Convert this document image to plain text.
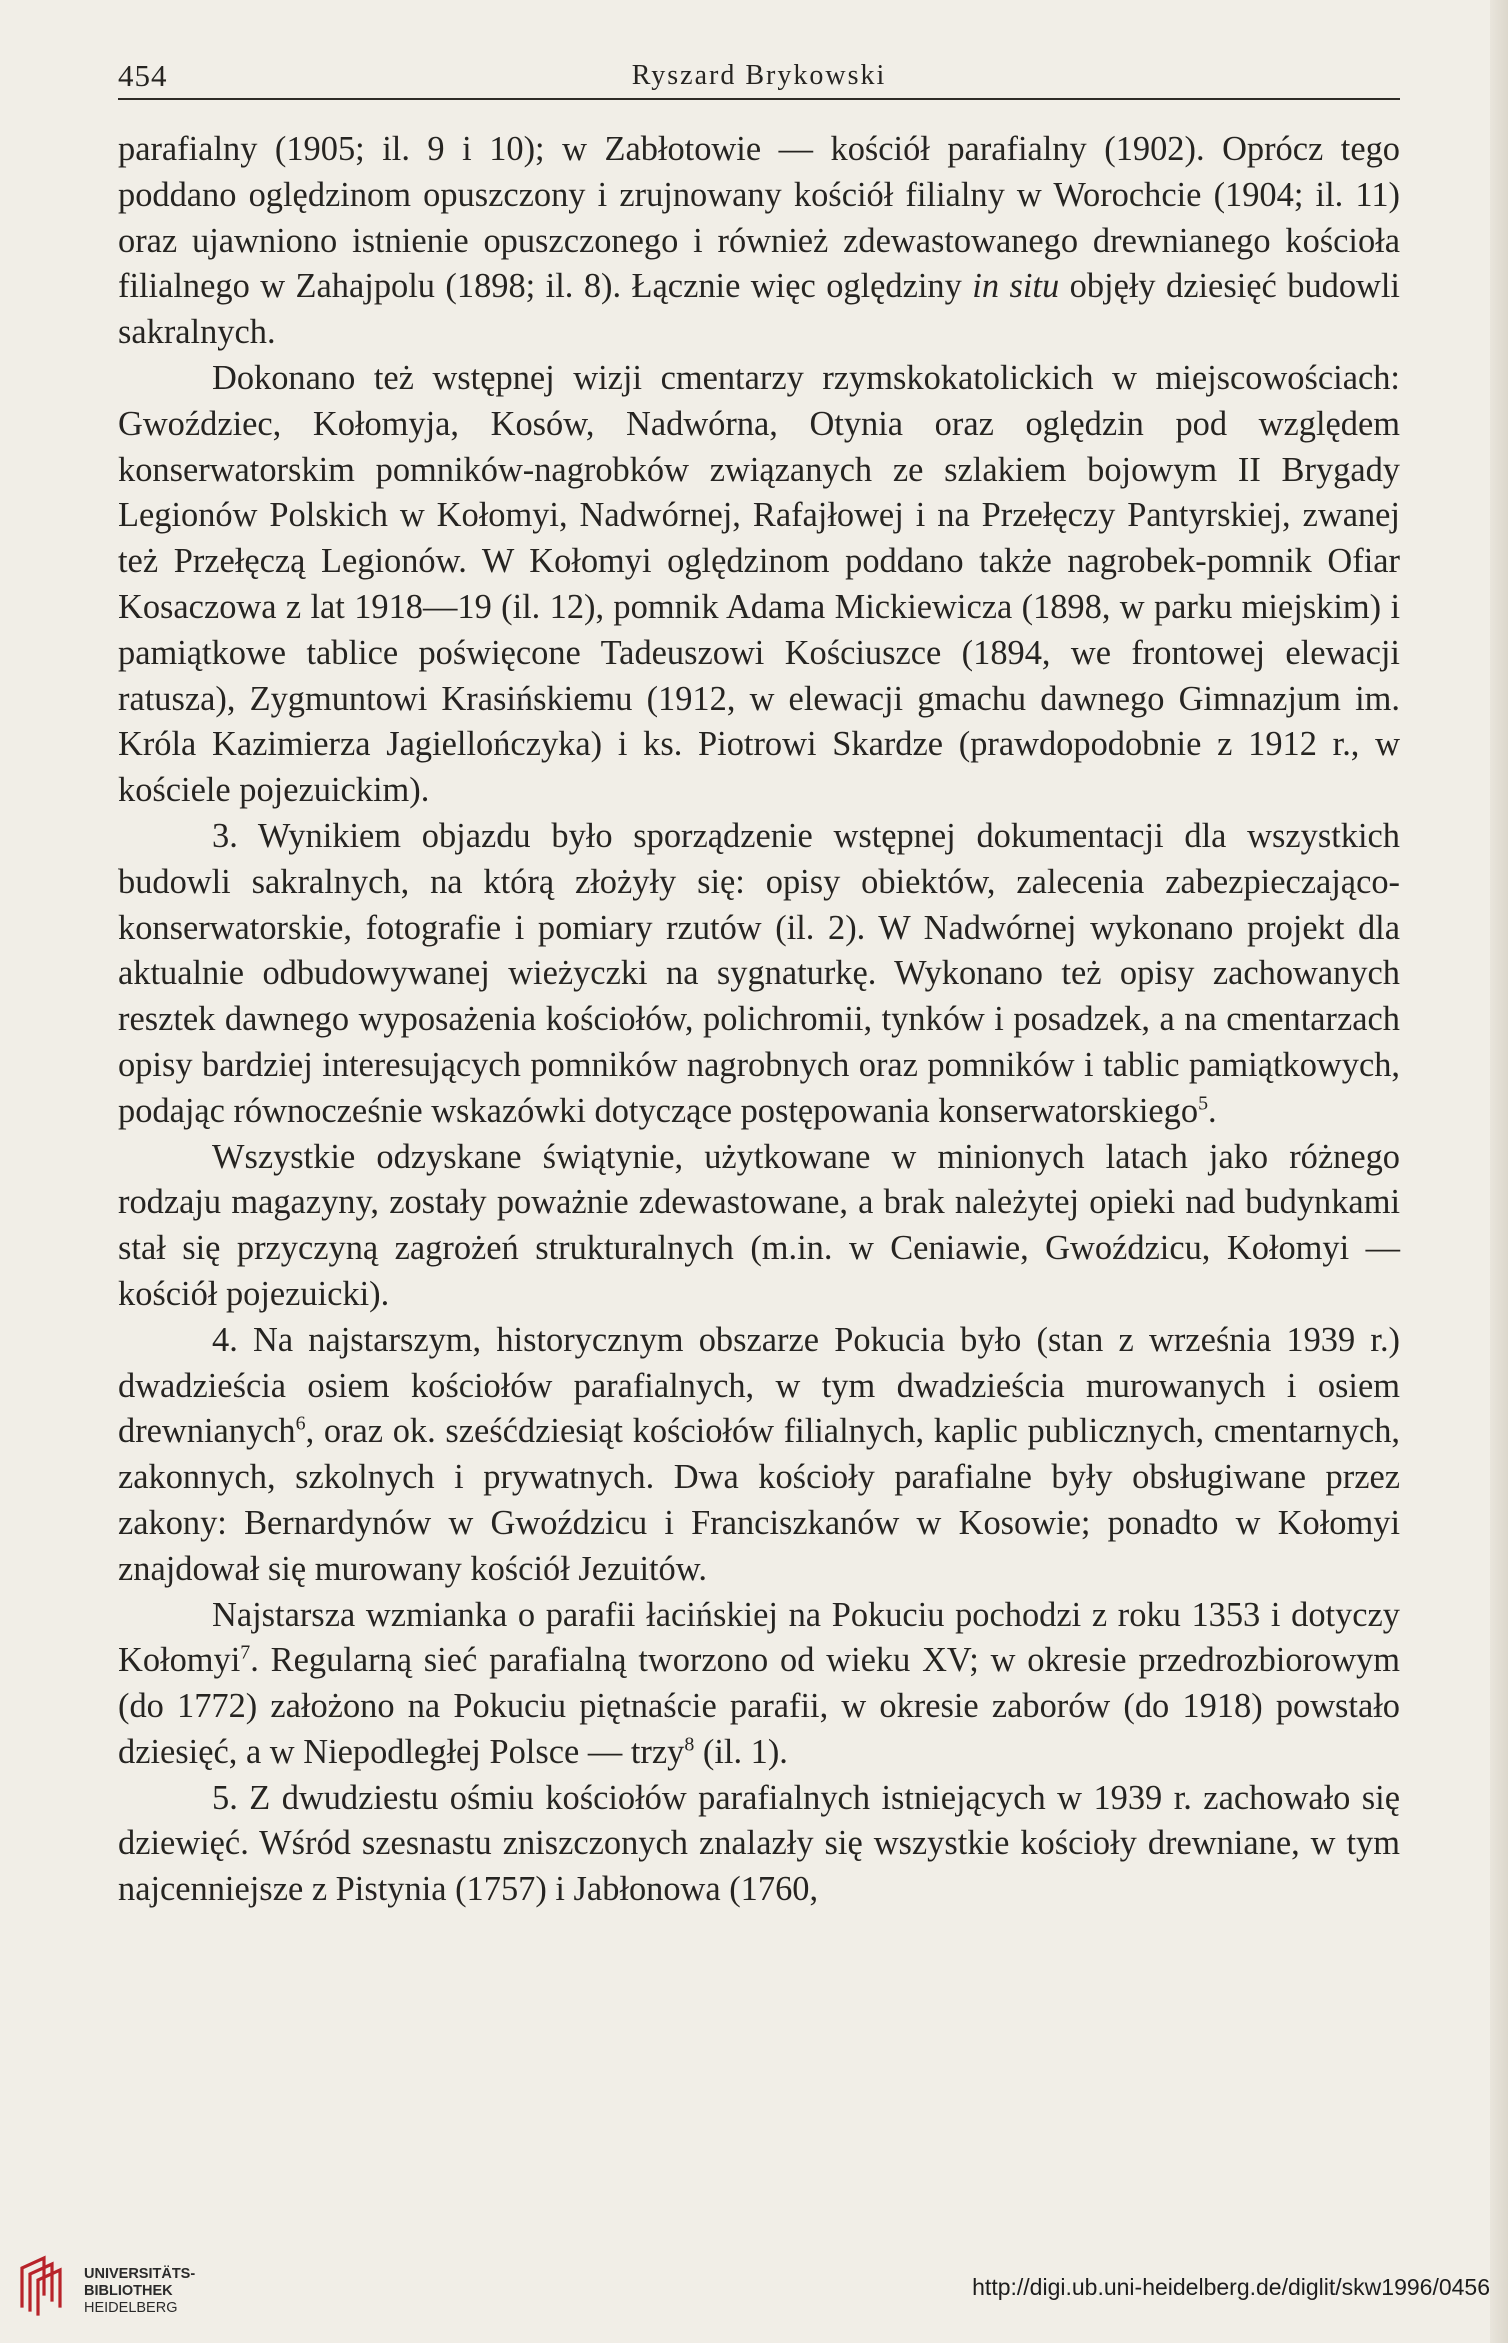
454	Ryszard Brykowski

parafialny (1905; il. 9 i 10); w Zabłotowie — kościół parafialny (1902). Oprócz tego poddano oględzinom opuszczony i zrujnowany kościół filialny w Worochcie (1904; il. 11) oraz ujawniono istnienie opuszczonego i również zdewastowanego drewnianego kościoła filialnego w Zahajpolu (1898; il. 8). Łącznie więc oględziny in situ objęły dziesięć budowli sakralnych.

Dokonano też wstępnej wizji cmentarzy rzymskokatolickich w miejscowościach: Gwoździec, Kołomyja, Kosów, Nadwórna, Otynia oraz oględzin pod względem konserwatorskim pomników-nagrobków związanych ze szlakiem bojowym II Brygady Legionów Polskich w Kołomyi, Nadwórnej, Rafajłowej i na Przełęczy Pantyrskiej, zwanej też Przełęczą Legionów. W Kołomyi oględzinom poddano także nagrobek-pomnik Ofiar Kosaczowa z lat 1918—19 (il. 12), pomnik Adama Mickiewicza (1898, w parku miejskim) i pamiątkowe tablice poświęcone Tadeuszowi Kościuszce (1894, we frontowej elewacji ratusza), Zygmuntowi Krasińskiemu (1912, w elewacji gmachu dawnego Gimnazjum im. Króla Kazimierza Jagiellończyka) i ks. Piotrowi Skardze (prawdopodobnie z 1912 r., w kościele pojezuickim).

3. Wynikiem objazdu było sporządzenie wstępnej dokumentacji dla wszystkich budowli sakralnych, na którą złożyły się: opisy obiektów, zalecenia zabezpieczająco-konserwatorskie, fotografie i pomiary rzutów (il. 2). W Nadwórnej wykonano projekt dla aktualnie odbudowywanej wieżyczki na sygnaturkę. Wykonano też opisy zachowanych resztek dawnego wyposażenia kościołów, polichromii, tynków i posadzek, a na cmentarzach opisy bardziej interesujących pomników nagrobnych oraz pomników i tablic pamiątkowych, podając równocześnie wskazówki dotyczące postępowania konserwatorskiego$^5$.

Wszystkie odzyskane świątynie, użytkowane w minionych latach jako różnego rodzaju magazyny, zostały poważnie zdewastowane, a brak należytej opieki nad budynkami stał się przyczyną zagrożeń strukturalnych (m.in. w Ceniawie, Gwoździcu, Kołomyi — kościół pojezuicki).

4. Na najstarszym, historycznym obszarze Pokucia było (stan z września 1939 r.) dwadzieścia osiem kościołów parafialnych, w tym dwadzieścia murowanych i osiem drewnianych$^6$, oraz ok. sześćdziesiąt kościołów filialnych, kaplic publicznych, cmentarnych, zakonnych, szkolnych i prywatnych. Dwa kościoły parafialne były obsługiwane przez zakony: Bernardynów w Gwoździcu i Franciszkanów w Kosowie; ponadto w Kołomyi znajdował się murowany kościół Jezuitów.

Najstarsza wzmianka o parafii łacińskiej na Pokuciu pochodzi z roku 1353 i dotyczy Kołomyi$^7$. Regularną sieć parafialną tworzono od wieku XV; w okresie przedrozbiorowym (do 1772) założono na Pokuciu piętnaście parafii, w okresie zaborów (do 1918) powstało dziesięć, a w Niepodległej Polsce — trzy$^8$ (il. 1).

5. Z dwudziestu ośmiu kościołów parafialnych istniejących w 1939 r. zachowało się dziewięć. Wśród szesnastu zniszczonych znalazły się wszystkie kościoły drewniane, w tym najcenniejsze z Pistynia (1757) i Jabłonowa (1760,

UNIVERSITÄTS-
BIBLIOTHEK
HEIDELBERG
http://digi.ub.uni-heidelberg.de/diglit/skw1996/0456
